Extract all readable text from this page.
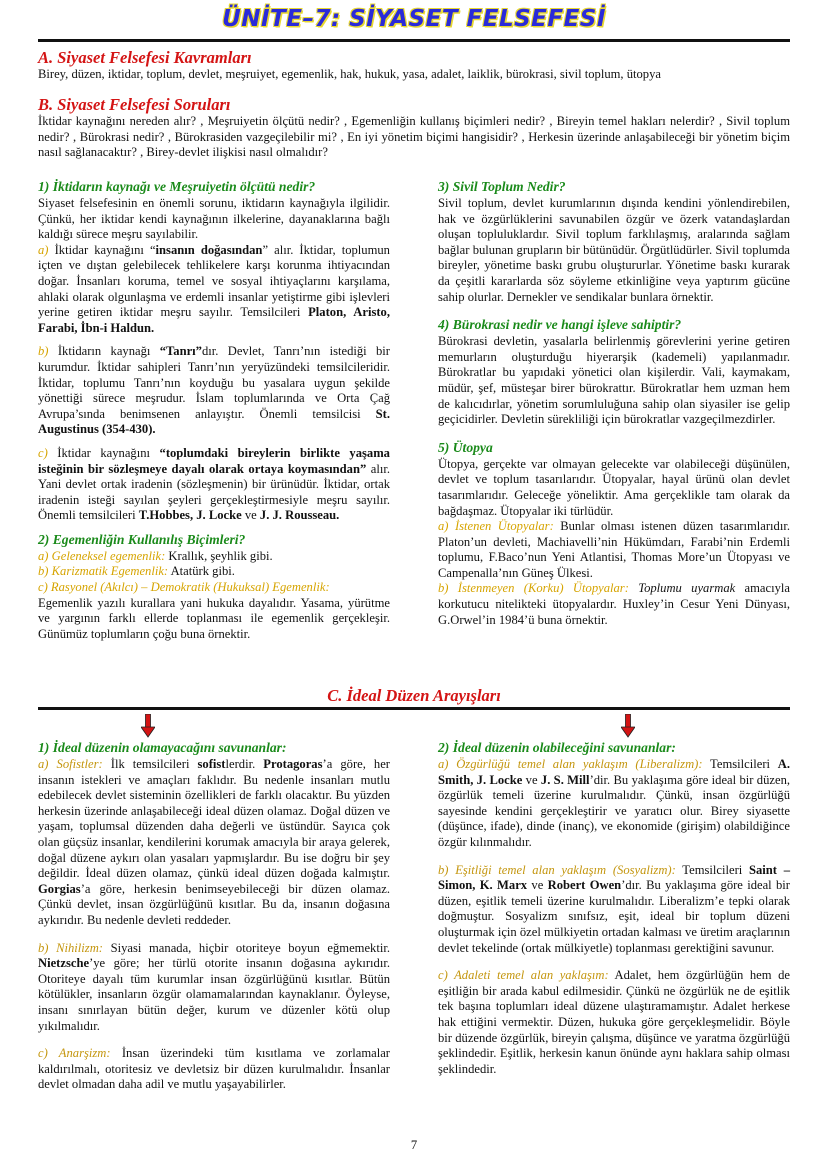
ÜNİTE–7: SİYASET FELSEFESİ
A. Siyaset Felsefesi Kavramları
Birey, düzen, iktidar, toplum, devlet, meşruiyet, egemenlik, hak, hukuk, yasa, adalet, laiklik, bürokrasi, sivil toplum, ütopya
B. Siyaset Felsefesi Soruları
İktidar kaynağını nereden alır? , Meşruiyetin ölçütü nedir? , Egemenliğin kullanış biçimleri nedir? , Bireyin temel hakları nelerdir? , Sivil toplum nedir? , Bürokrasi nedir? , Bürokrasiden vazgeçilebilir mi? , En iyi yönetim biçimi hangisidir? , Herkesin üzerinde anlaşabileceği bir yönetim biçim nasıl sağlanacaktır? , Birey-devlet ilişkisi nasıl olmalıdır?
1) İktidarın kaynağı ve Meşruiyetin ölçütü nedir?

Siyaset felsefesinin en önemli sorunu, iktidarın kaynağıyla ilgilidir. Çünkü, her iktidar kendi kaynağının ilkelerine, dayanaklarına bağlı kaldığı sürece meşru sayılabilir.

a) İktidar kaynağını “insanın doğasından” alır. İktidar, toplumun içten ve dıştan gelebilecek tehlikelere karşı korunma ihtiyacından doğar. İnsanları koruma, temel ve sosyal ihtiyaçlarını karşılama, ahlaki olarak olgunlaşma ve erdemli insanlar yetiştirme gibi işlevleri yerine getiren iktidar meşru sayılır. Temsilcileri Platon, Aristo, Farabi, İbn-i Haldun.

b) İktidarın kaynağı “Tanrı”dır. Devlet, Tanrı’nın istediği bir kurumdur. İktidar sahipleri Tanrı’nın yeryüzündeki temsilcileridir. İktidar, toplumu Tanrı’nın koyduğu bu yasalara uygun şekilde yönettiği sürece meşrudur. İslam toplumlarında ve Orta Çağ Avrupa’sında benimsenen anlayıştır. Önemli temsilcisi St. Augustinus (354-430).

c) İktidar kaynağını “toplumdaki bireylerin birlikte yaşama isteğinin bir sözleşmeye dayalı olarak ortaya koymasından” alır. Yani devlet ortak iradenin (sözleşmenin) bir ürünüdür. İktidar, ortak iradenin isteği sayılan şeyleri gerçekleştirmesiyle meşru sayılır. Önemli temsilcileri T.Hobbes, J. Locke ve J. J. Rousseau.

2) Egemenliğin Kullanılış Biçimleri?

a) Geleneksel egemenlik: Krallık, şeyhlik gibi.

b) Karizmatik Egemenlik: Atatürk gibi.

c) Rasyonel (Akılcı) – Demokratik (Hukuksal) Egemenlik:

Egemenlik yazılı kurallara yani hukuka dayalıdır. Yasama, yürütme ve yargının farklı ellerde toplanması ile egemenlik gerçekleşir. Günümüz toplumların çoğu buna örnektir.

3) Sivil Toplum Nedir?

Sivil toplum, devlet kurumlarının dışında kendini yönlendirebilen, hak ve özgürlüklerini savunabilen özgür ve özerk vatandaşlardan oluşan topluluklardır. Sivil toplum farklılaşmış, aralarında sağlam bağlar bulunan grupların bir bütünüdür. Örgütlüdürler. Sivil toplumda bireyler, yönetime baskı grubu oluştururlar. Yönetime baskı kurarak da çeşitli kararlarda söz söyleme etkinliğine veya yaptırım gücüne sahip olurlar. Dernekler ve sendikalar bunlara örnektir.

4) Bürokrasi nedir ve hangi işleve sahiptir?

Bürokrasi devletin, yasalarla belirlenmiş görevlerini yerine getiren memurların oluşturduğu hiyerarşik (kademeli) yapılanmadır. Bürokratlar bu yapıdaki yönetici olan kişilerdir. Vali, kaymakam, müdür, şef, müsteşar birer bürokrattır. Bürokratlar hem uzman hem de kalıcıdırlar, yönetim sorumluluğuna sahip olan siyasiler ise gelip geçicidirler. Devletin sürekliliği için bürokratlar vazgeçilmezdirler.

5) Ütopya

Ütopya, gerçekte var olmayan gelecekte var olabileceği düşünülen, devlet ve toplum tasarılarıdır. Ütopyalar, hayal ürünü olan devlet tasarımlarıdır. Geleceğe yöneliktir. Ama gerçeklikle tam olarak da bağdaşmaz. Ütopyalar iki türlüdür.

a) İstenen Ütopyalar: Bunlar olması istenen düzen tasarımlarıdır. Platon’un devleti, Machiavelli’nin Hükümdarı, Farabi’nin Erdemli toplumu, F.Baco’nun Yeni Atlantisi, Thomas More’un Ütopyası ve Campenalla’nın Güneş Ülkesi.

b) İstenmeyen (Korku) Ütopyalar: Toplumu uyarmak amacıyla korkutucu nitelikteki ütopyalardır. Huxley’in Cesur Yeni Dünyası, G.Orwel’in 1984’ü buna örnektir.

C. İdeal Düzen Arayışları
1) İdeal düzenin olamayacağını savunanlar:

a) Sofistler: İlk temsilcileri sofistlerdir. Protagoras’a göre, her insanın istekleri ve amaçları faklıdır. Bu nedenle insanları mutlu edebilecek devlet sisteminin özellikleri de farklı olacaktır. Bu yüzden herkesin üzerinde anlaşabileceği ideal düzen olamaz. Doğal düzen ve yaşam, toplumsal düzenden daha değerli ve üstündür. Sayıca çok olan güçsüz insanlar, kendilerini korumak amacıyla bir araya gelerek, doğal düzene aykırı olan yasaları yapmışlardır. Bu ise doğru bir şey değildir. İdeal düzen olamaz, çünkü ideal düzen doğada kalmıştır. Gorgias’a göre, herkesin benimseyebileceği bir düzen olamaz. Çünkü devlet, insan özgürlüğünü kısıtlar. Bu da, insanın doğasına aykırıdır. Bu nedenle devleti reddeder.

b) Nihilizm: Siyasi manada, hiçbir otoriteye boyun eğmemektir. Nietzsche’ye göre; her türlü otorite insanın doğasına aykırıdır. Otoriteye dayalı tüm kurumlar insan özgürlüğünü kısıtlar. Bütün kötülükler, insanların özgür olamamalarından kaynaklanır. Öyleyse, insanı sınırlayan bütün değer, kurum ve düzenler kötü olup yıkılmalıdır.

c) Anarşizm: İnsan üzerindeki tüm kısıtlama ve zorlamalar kaldırılmalı, otoritesiz ve devletsiz bir düzen kurulmalıdır. İnsanlar devlet olmadan daha adil ve mutlu yaşayabilirler.

2) İdeal düzenin olabileceğini savunanlar:

a) Özgürlüğü temel alan yaklaşım (Liberalizm): Temsilcileri A. Smith, J. Locke ve J. S. Mill’dir. Bu yaklaşıma göre ideal bir düzen, özgürlük temeli üzerine kurulmalıdır. Çünkü, insan özgürlüğü sayesinde kendini gerçekleştirir ve yaratıcı olur. Birey siyasette (düşünce, ifade), dinde (inanç), ve ekonomide (girişim) olabildiğince özgür kılınmalıdır.

b) Eşitliği temel alan yaklaşım (Sosyalizm): Temsilcileri Saint – Simon, K. Marx ve Robert Owen’dır. Bu yaklaşıma göre ideal bir düzen, eşitlik temeli üzerine kurulmalıdır. Liberalizm’e tepki olarak doğmuştur. Sosyalizm sınıfsız, eşit, ideal bir toplum düzeni oluşturmak için özel mülkiyetin ortadan kalması ve üretim araçlarının devlet tekelinde (ortak mülkiyetle) toplanması gerektiğini savunur.

c) Adaleti temel alan yaklaşım: Adalet, hem özgürlüğün hem de eşitliğin bir arada kabul edilmesidir. Çünkü ne özgürlük ne de eşitlik tek başına toplumları ideal düzene ulaştıramamıştır. Adalet herkese hak ettiğini vermektir. Düzen, hukuka göre gerçekleşmelidir. Böyle bir düzende özgürlük, bireyin çalışma, düşünce ve yaratma özgürlüğü şeklindedir. Eşitlik, herkesin kanun önünde aynı haklara sahip olması şeklindedir.

7
